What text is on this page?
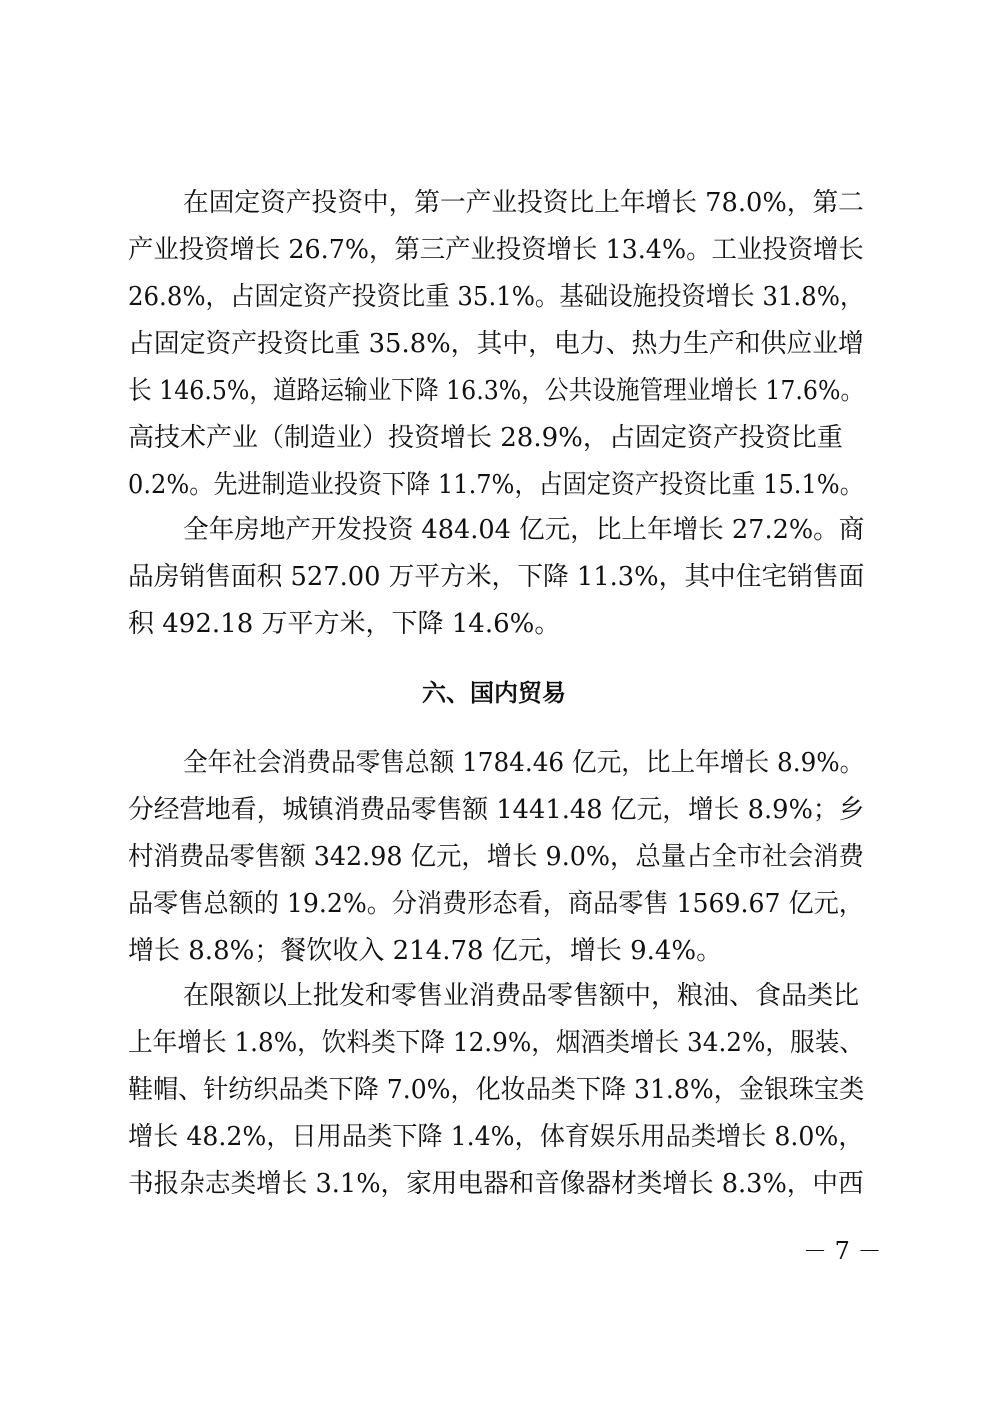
在固定资产投资中，第一产业投资比上年增长 78.0%，第二
产业投资增长 26.7%，第三产业投资增长 13.4%。工业投资增长
26.8%，占固定资产投资比重 35.1%。基础设施投资增长 31.8%，
占固定资产投资比重 35.8%，其中，电力、热力生产和供应业增
长 146.5%，道路运输业下降 16.3%，公共设施管理业增长 17.6%。
高技术产业（制造业）投资增长 28.9%，占固定资产投资比重
0.2%。先进制造业投资下降 11.7%，占固定资产投资比重 15.1%。
全年房地产开发投资 484.04 亿元，比上年增长 27.2%。商
品房销售面积 527.00 万平方米，下降 11.3%，其中住宅销售面
积 492.18 万平方米，下降 14.6%。
六、国内贸易
全年社会消费品零售总额 1784.46 亿元，比上年增长 8.9%。
分经营地看，城镇消费品零售额 1441.48 亿元，增长 8.9%；乡
村消费品零售额 342.98 亿元，增长 9.0%，总量占全市社会消费
品零售总额的 19.2%。分消费形态看，商品零售 1569.67 亿元，
增长 8.8%；餐饮收入 214.78 亿元，增长 9.4%。
在限额以上批发和零售业消费品零售额中，粮油、食品类比
上年增长 1.8%，饮料类下降 12.9%，烟酒类增长 34.2%，服装、
鞋帽、针纺织品类下降 7.0%，化妆品类下降 31.8%，金银珠宝类
增长 48.2%，日用品类下降 1.4%，体育娱乐用品类增长 8.0%，
书报杂志类增长 3.1%，家用电器和音像器材类增长 8.3%，中西
－ 7 －
